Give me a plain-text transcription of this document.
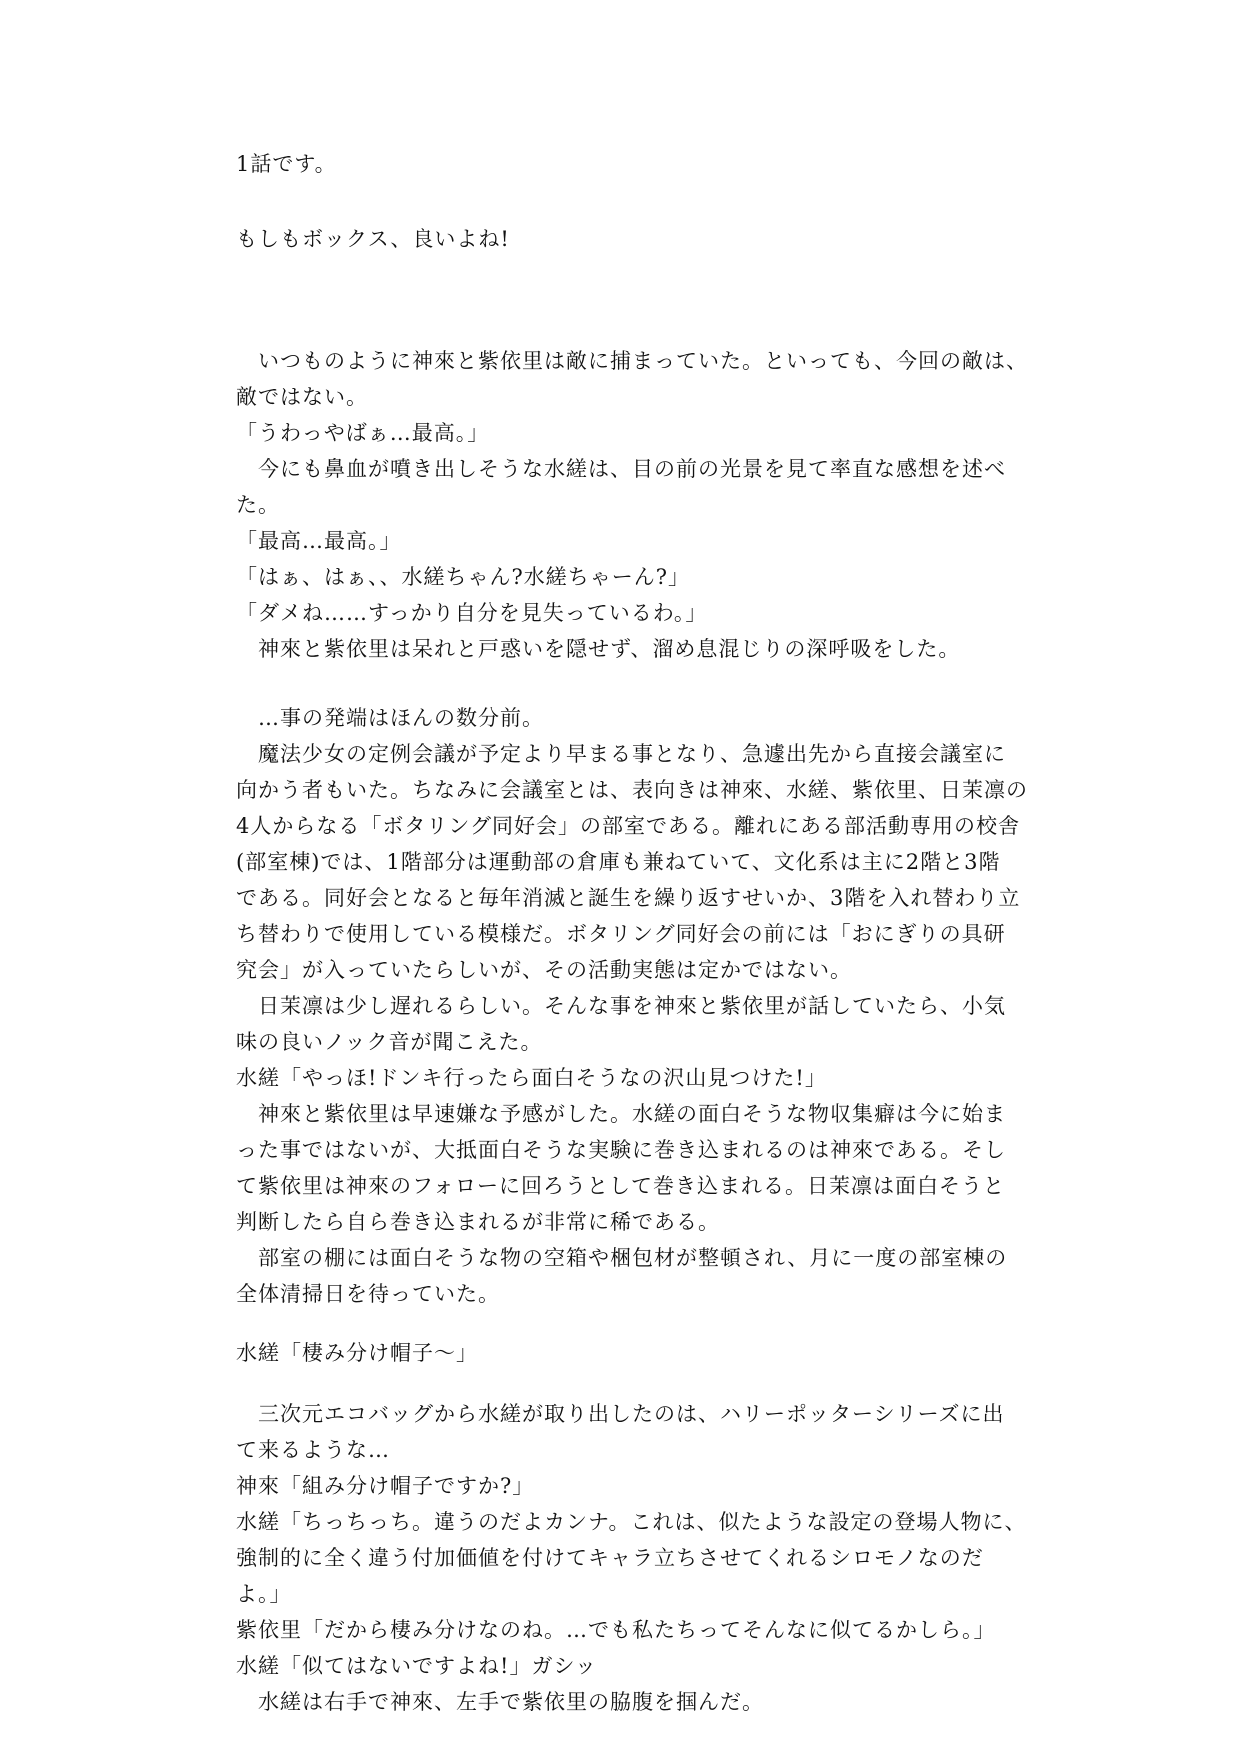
1話です。

もしもボックス、良いよね!

　いつものように神來と紫依里は敵に捕まっていた。といっても、今回の敵は、

敵ではない。

「うわっやばぁ…最高。」

　今にも鼻血が噴き出しそうな水縒は、目の前の光景を見て率直な感想を述べ

た。

「最高…最高。」

「はぁ、はぁ、、水縒ちゃん?水縒ちゃーん?」

「ダメね……すっかり自分を見失っているわ。」

　神來と紫依里は呆れと戸惑いを隠せず、溜め息混じりの深呼吸をした。

　…事の発端はほんの数分前。

　魔法少女の定例会議が予定より早まる事となり、急遽出先から直接会議室に

向かう者もいた。ちなみに会議室とは、表向きは神來、水縒、紫依里、日茉凛の

4人からなる「ボタリング同好会」の部室である。離れにある部活動専用の校舎

(部室棟)では、1階部分は運動部の倉庫も兼ねていて、文化系は主に2階と3階

である。同好会となると毎年消滅と誕生を繰り返すせいか、3階を入れ替わり立

ち替わりで使用している模様だ。ボタリング同好会の前には「おにぎりの具研

究会」が入っていたらしいが、その活動実態は定かではない。

　日茉凛は少し遅れるらしい。そんな事を神來と紫依里が話していたら、小気

味の良いノック音が聞こえた。

水縒「やっほ!ドンキ行ったら面白そうなの沢山見つけた!」

　神來と紫依里は早速嫌な予感がした。水縒の面白そうな物収集癖は今に始ま

った事ではないが、大抵面白そうな実験に巻き込まれるのは神來である。そし

て紫依里は神來のフォローに回ろうとして巻き込まれる。日茉凛は面白そうと

判断したら自ら巻き込まれるが非常に稀である。

　部室の棚には面白そうな物の空箱や梱包材が整頓され、月に一度の部室棟の

全体清掃日を待っていた。

水縒「棲み分け帽子〜」

　三次元エコバッグから水縒が取り出したのは、ハリーポッターシリーズに出

て来るような…

神來「組み分け帽子ですか?」

水縒「ちっちっち。違うのだよカンナ。これは、似たような設定の登場人物に、

強制的に全く違う付加価値を付けてキャラ立ちさせてくれるシロモノなのだ

よ。」

紫依里「だから棲み分けなのね。…でも私たちってそんなに似てるかしら。」

水縒「似てはないですよね!」ガシッ

　水縒は右手で神來、左手で紫依里の脇腹を掴んだ。
